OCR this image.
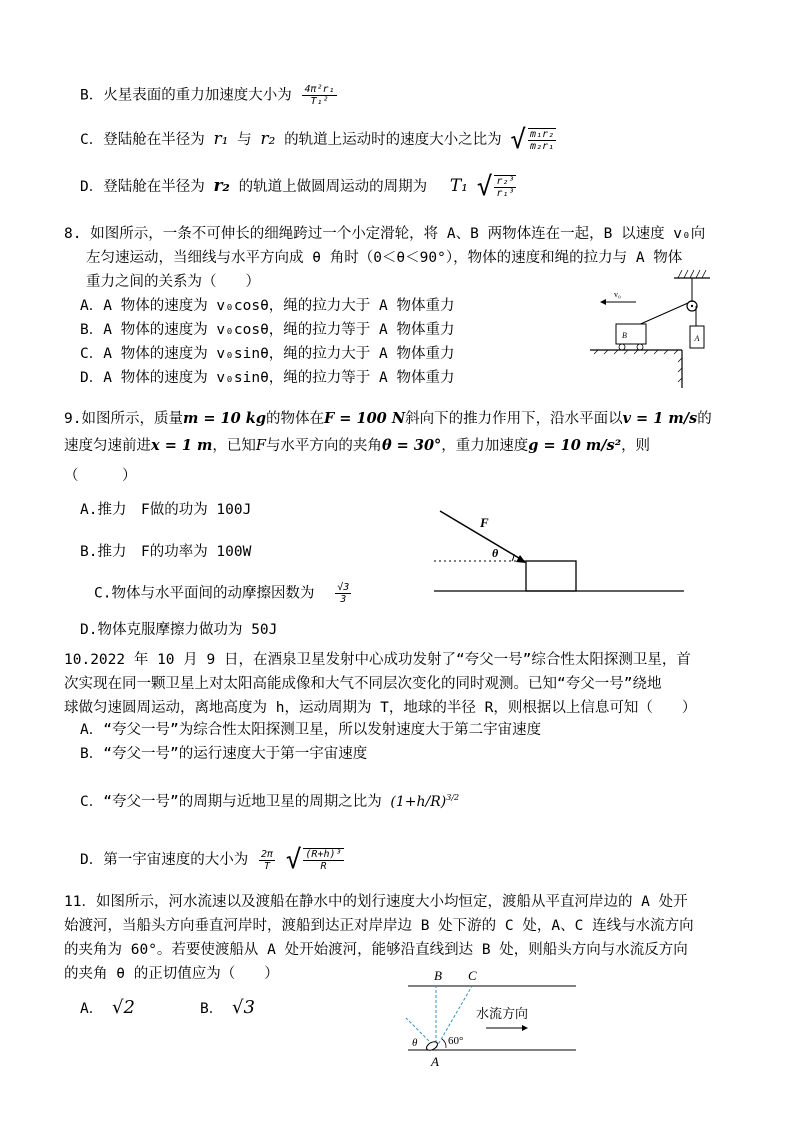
B．火星表面的重力加速度大小为 $\frac{\text{4π²r₁}}{\text{T₁²}}$
C．登陆舱在半径为 r₁ 与 r₂ 的轨道上运动时的速度大小之比为 √ $\frac{\text{m₁r₂}}{\text{m₂r₁}}$
D．登陆舱在半径为 r₂ 的轨道上做圆周运动的周期为 T₁ √ $\frac{\text{r₂³}}{\text{r₁³}}$
8. 如图所示，一条不可伸长的细绳跨过一个小定滑轮，将 A、B 两物体连在一起，B 以速度 v₀向
左匀速运动，当细线与水平方向成 θ 角时（0＜θ＜90°），物体的速度和绳的拉力与 A 物体
重力之间的关系为（　　）
A．A 物体的速度为 v₀cosθ，绳的拉力大于 A 物体重力
B．A 物体的速度为 v₀cosθ，绳的拉力等于 A 物体重力
C．A 物体的速度为 v₀sinθ，绳的拉力大于 A 物体重力
D．A 物体的速度为 v₀sinθ，绳的拉力等于 A 物体重力
A
v₀
B
9.如图所示，质量m = 10 kg的物体在F = 100 N斜向下的推力作用下，沿水平面以v = 1 m/s的
速度匀速前进x = 1 m，已知F与水平方向的夹角θ = 30°，重力加速度g = 10 m/s²，则
（　　　）
A.推力　F做的功为 100J
B.推力　F的功率为 100W
C.物体与水平面间的动摩擦因数为 $\frac{√3}{3}$
D.物体克服摩擦力做功为 50J
F
θ
10.2022 年 10 月 9 日，在酒泉卫星发射中心成功发射了“夸父一号”综合性太阳探测卫星，首
次实现在同一颗卫星上对太阳高能成像和大气不同层次变化的同时观测。已知“夸父一号”绕地
球做匀速圆周运动，离地高度为 h，运动周期为 T，地球的半径 R，则根据以上信息可知（　　）
A．“夸父一号”为综合性太阳探测卫星，所以发射速度大于第二宇宙速度
B．“夸父一号”的运行速度大于第一宇宙速度
C．“夸父一号”的周期与近地卫星的周期之比为 $(1+h/R)^{3/2}$
D．第一宇宙速度的大小为 $\frac{2\pi}{T}$ √ $\frac{\text{(R+h)³}}{R}$
11．如图所示，河水流速以及渡船在静水中的划行速度大小均恒定，渡船从平直河岸边的 A 处开
始渡河，当船头方向垂直河岸时，渡船到达正对岸岸边 B 处下游的 C 处，A、C 连线与水流方向
的夹角为 60°。若要使渡船从 A 处开始渡河，能够沿直线到达 B 处，则船头方向与水流反方向
的夹角 θ 的正切值应为（　　）
A． √2	B． √3
B C
60°
θ
A
水流方向
